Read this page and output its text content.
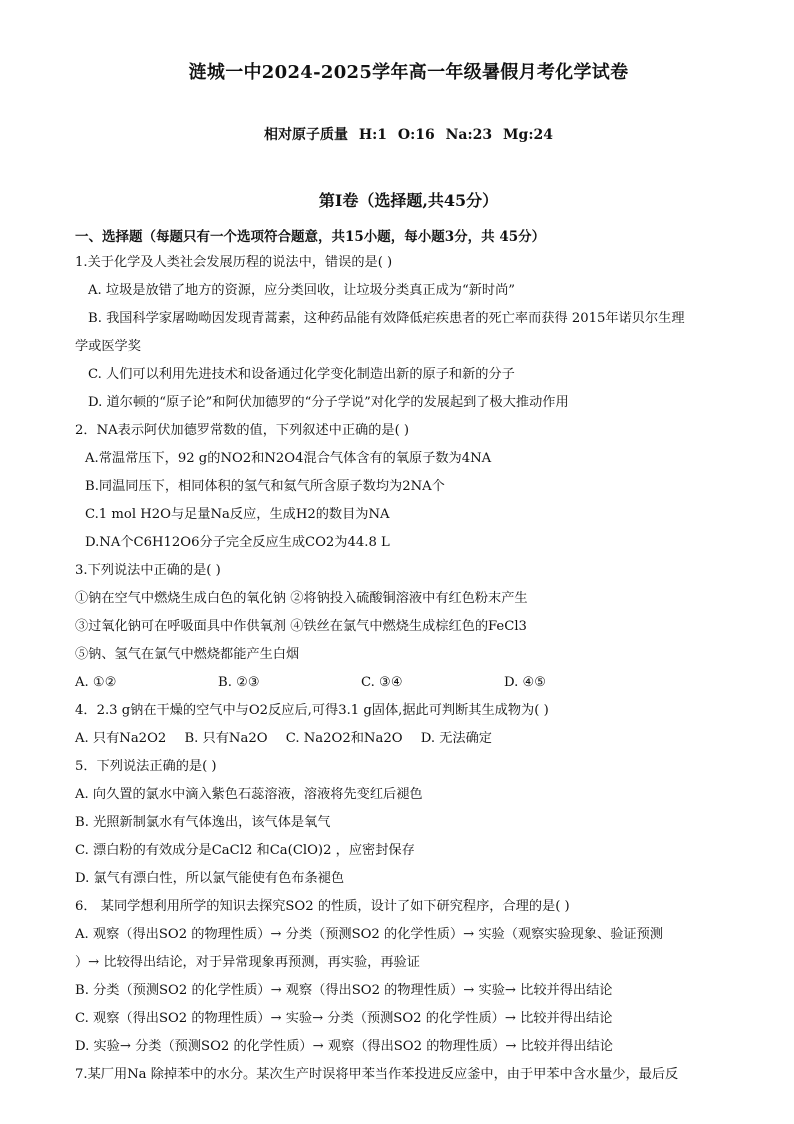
涟城一中2024-2025学年高一年级暑假月考化学试卷
相对原子质量 H:1 O:16 Na:23 Mg:24
第Ⅰ卷（选择题,共45分）
一、选择题（每题只有一个选项符合题意，共15小题，每小题3分，共 45分）
1.关于化学及人类社会发展历程的说法中，错误的是( )
A. 垃圾是放错了地方的资源，应分类回收，让垃圾分类真正成为“新时尚”
B. 我国科学家屠呦呦因发现青蒿素，这种药品能有效降低疟疾患者的死亡率而获得 2015年诺贝尔生理
学或医学奖
C. 人们可以利用先进技术和设备通过化学变化制造出新的原子和新的分子
D. 道尔顿的“原子论”和阿伏加德罗的“分子学说”对化学的发展起到了极大推动作用
2．NA表示阿伏加德罗常数的值，下列叙述中正确的是( )
A.常温常压下，92 g的NO2和N2O4混合气体含有的氧原子数为4NA
B.同温同压下，相同体积的氢气和氦气所含原子数均为2NA个
C.1 mol H2O与足量Na反应，生成H2的数目为NA
D.NA个C6H12O6分子完全反应生成CO2为44.8 L
3.下列说法中正确的是( )
①钠在空气中燃烧生成白色的氧化钠 ②将钠投入硫酸铜溶液中有红色粉末产生
③过氧化钠可在呼吸面具中作供氧剂 ④铁丝在氯气中燃烧生成棕红色的FeCl3
⑤钠、氢气在氯气中燃烧都能产生白烟
A. ①②	B. ②③	C. ③④	D. ④⑤
4．2.3 g钠在干燥的空气中与O2反应后,可得3.1 g固体,据此可判断其生成物为( )
A. 只有Na2O2 B. 只有Na2O C. Na2O2和Na2O D. 无法确定
5．下列说法正确的是( )
A. 向久置的氯水中滴入紫色石蕊溶液，溶液将先变红后褪色
B. 光照新制氯水有气体逸出，该气体是氧气
C. 漂白粉的有效成分是CaCl2 和Ca(ClO)2 ，应密封保存
D. 氯气有漂白性，所以氯气能使有色布条褪色
6． 某同学想利用所学的知识去探究SO2 的性质，设计了如下研究程序，合理的是( )
A. 观察（得出SO2 的物理性质）→ 分类（预测SO2 的化学性质）→ 实验（观察实验现象、验证预测
）→ 比较得出结论，对于异常现象再预测，再实验，再验证
B. 分类（预测SO2 的化学性质）→ 观察（得出SO2 的物理性质）→ 实验→ 比较并得出结论
C. 观察（得出SO2 的物理性质）→ 实验→ 分类（预测SO2 的化学性质）→ 比较并得出结论
D. 实验→ 分类（预测SO2 的化学性质）→ 观察（得出SO2 的物理性质）→ 比较并得出结论
7.某厂用Na 除掉苯中的水分。某次生产时误将甲苯当作苯投进反应釜中，由于甲苯中含水量少，最后反
